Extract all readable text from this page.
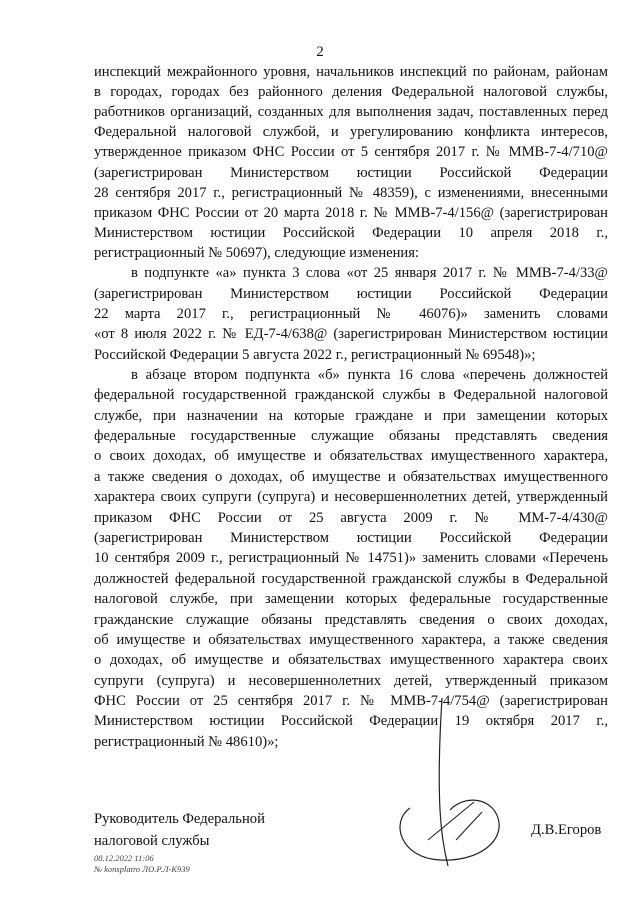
2
инспекций межрайонного уровня, начальников инспекций по районам, районам
в городах, городах без районного деления Федеральной налоговой службы,
работников организаций, созданных для выполнения задач, поставленных перед
Федеральной налоговой службой, и урегулированию конфликта интересов,
утвержденное приказом ФНС России от 5 сентября 2017 г. № ММВ-7-4/710@
(зарегистрирован Министерством юстиции Российской Федерации
28 сентября 2017 г., регистрационный № 48359), с изменениями, внесенными
приказом ФНС России от 20 марта 2018 г. № ММВ-7-4/156@ (зарегистрирован
Министерством юстиции Российской Федерации 10 апреля 2018 г.,
регистрационный № 50697), следующие изменения:
в подпункте «а» пункта 3 слова «от 25 января 2017 г. № ММВ-7-4/33@
(зарегистрирован Министерством юстиции Российской Федерации
22 марта 2017 г., регистрационный № 46076)» заменить словами
«от 8 июля 2022 г. № ЕД-7-4/638@ (зарегистрирован Министерством юстиции
Российской Федерации 5 августа 2022 г., регистрационный № 69548)»;
в абзаце втором подпункта «б» пункта 16 слова «перечень должностей
федеральной государственной гражданской службы в Федеральной налоговой
службе, при назначении на которые граждане и при замещении которых
федеральные государственные служащие обязаны представлять сведения
о своих доходах, об имуществе и обязательствах имущественного характера,
а также сведения о доходах, об имуществе и обязательствах имущественного
характера своих супруги (супруга) и несовершеннолетних детей, утвержденный
приказом ФНС России от 25 августа 2009 г. № ММ-7-4/430@
(зарегистрирован Министерством юстиции Российской Федерации
10 сентября 2009 г., регистрационный № 14751)» заменить словами «Перечень
должностей федеральной государственной гражданской службы в Федеральной
налоговой службе, при замещении которых федеральные государственные
гражданские служащие обязаны представлять сведения о своих доходах,
об имуществе и обязательствах имущественного характера, а также сведения
о доходах, об имуществе и обязательствах имущественного характера своих
супруги (супруга) и несовершеннолетних детей, утвержденный приказом
ФНС России от 25 сентября 2017 г. № ММВ-7-4/754@ (зарегистрирован
Министерством юстиции Российской Федерации 19 октября 2017 г.,
регистрационный № 48610)»;
Руководитель Федеральной
налоговой службы
Д.В.Егоров
08.12.2022 11:06
№ konsplatro ЛО.Р.Л-К939
